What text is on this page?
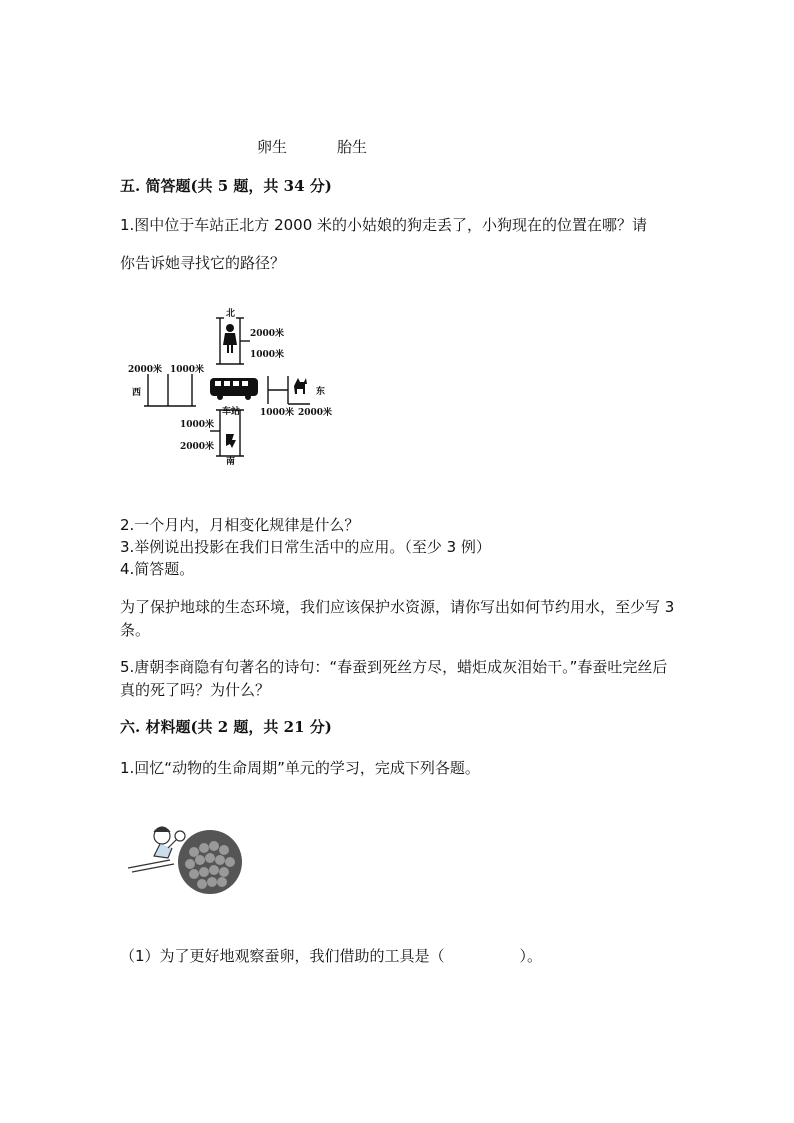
卵生	胎生
五. 简答题(共 5 题，共 34 分)
1.图中位于车站正北方 2000 米的小姑娘的狗走丢了，小狗现在的位置在哪？请
你告诉她寻找它的路径？
北
2000米
1000米
2000米 1000米
西	东
车站 1000米 2000米
1000米
2000米
南
2.一个月内，月相变化规律是什么？
3.举例说出投影在我们日常生活中的应用。（至少 3 例）
4.简答题。
为了保护地球的生态环境，我们应该保护水资源，请你写出如何节约用水，至少写 3 条。
5.唐朝李商隐有句著名的诗句：“春蚕到死丝方尽，蜡炬成灰泪始干。”春蚕吐完丝后真的死了吗？为什么？
六. 材料题(共 2 题，共 21 分)
1.回忆“动物的生命周期”单元的学习，完成下列各题。
（1）为了更好地观察蚕卵，我们借助的工具是（　　　　　）。
